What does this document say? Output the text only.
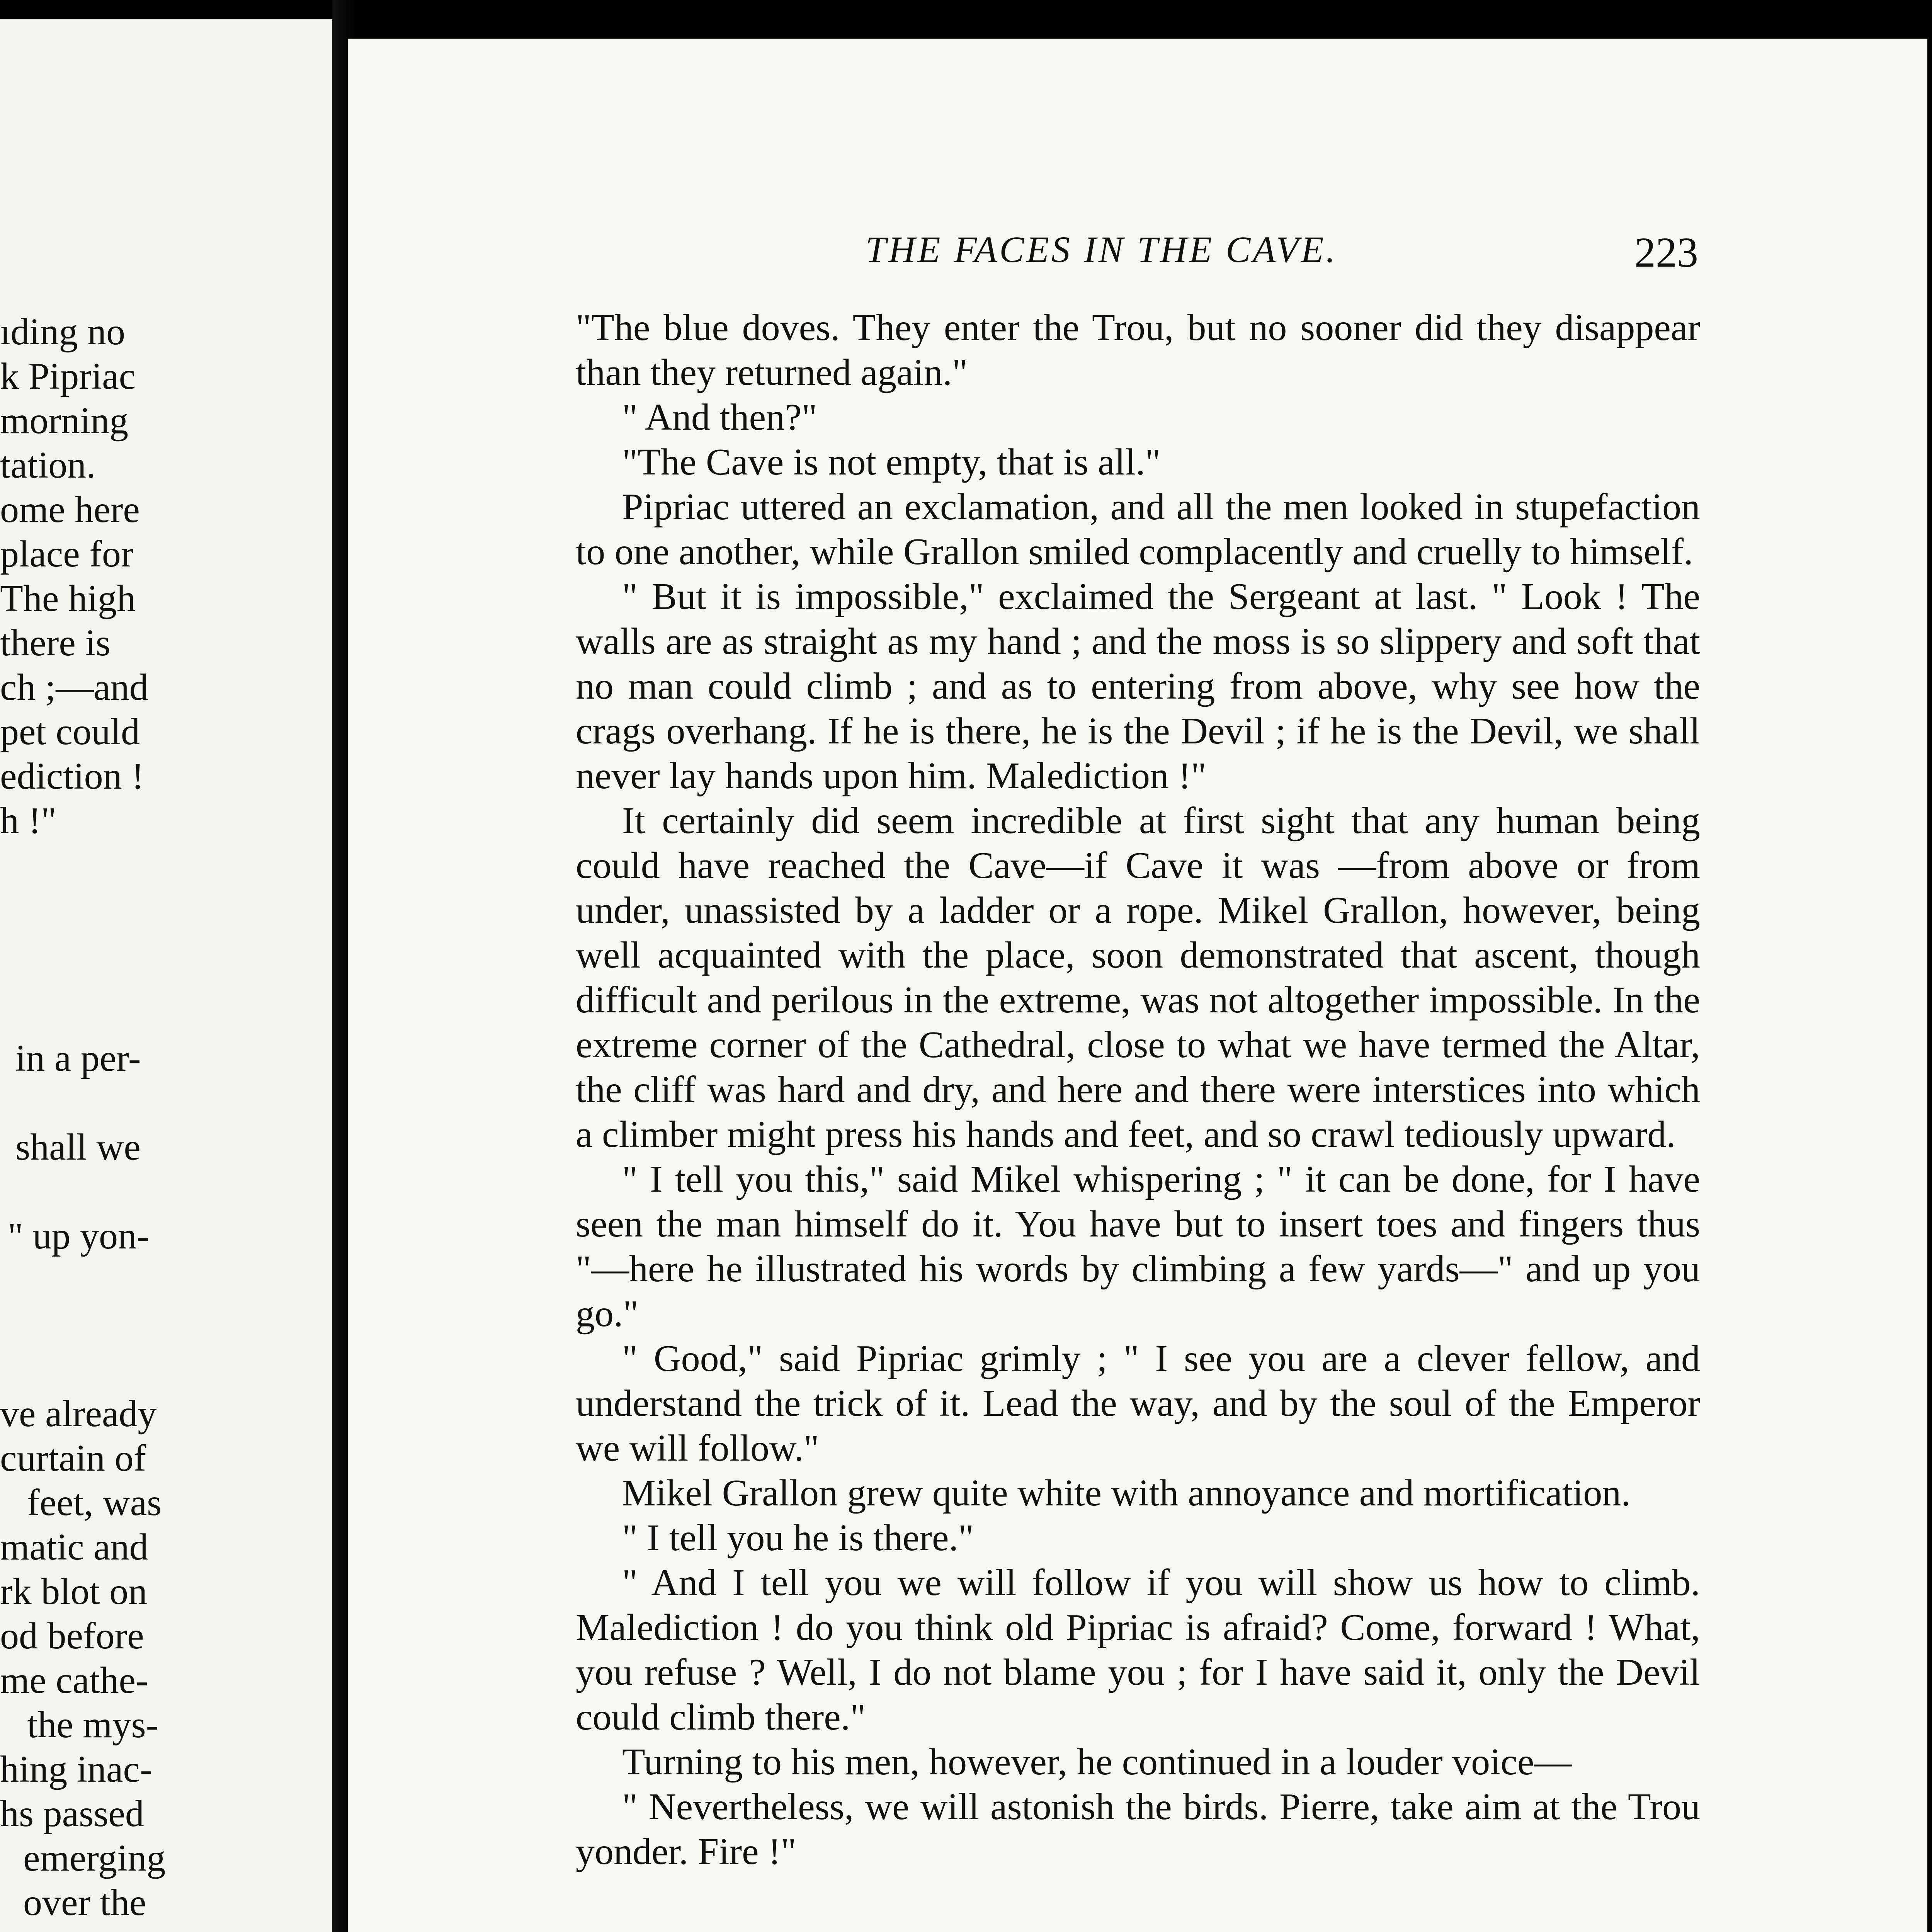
ıding no

k Pipriac

morning

tation.

ome here

place for

The high

there is

ch ;—and

pet could

ediction !

h !"

in a per-

shall we

" up yon-

ve already

curtain of

feet, was

matic and

rk blot on

od before

me cathe-

the mys-

hing inac-

hs passed

emerging

over the

THE FACES IN THE CAVE.	223

"The blue doves. They enter the Trou, but no sooner did they disappear than they returned again."

" And then?"

"The Cave is not empty, that is all."

Pipriac uttered an exclamation, and all the men looked in stupefaction to one another, while Grallon smiled complacently and cruelly to himself.

" But it is impossible," exclaimed the Sergeant at last. " Look ! The walls are as straight as my hand ; and the moss is so slippery and soft that no man could climb ; and as to entering from above, why see how the crags overhang. If he is there, he is the Devil ; if he is the Devil, we shall never lay hands upon him. Malediction !"

It certainly did seem incredible at first sight that any human being could have reached the Cave—if Cave it was —from above or from under, unassisted by a ladder or a rope. Mikel Grallon, however, being well acquainted with the place, soon demonstrated that ascent, though difficult and perilous in the extreme, was not altogether impossible. In the extreme corner of the Cathedral, close to what we have termed the Altar, the cliff was hard and dry, and here and there were interstices into which a climber might press his hands and feet, and so crawl tediously upward.

" I tell you this," said Mikel whispering ; " it can be done, for I have seen the man himself do it. You have but to insert toes and fingers thus "—here he illustrated his words by climbing a few yards—" and up you go."

" Good," said Pipriac grimly ; " I see you are a clever fellow, and understand the trick of it. Lead the way, and by the soul of the Emperor we will follow."

Mikel Grallon grew quite white with annoyance and mortification.

" I tell you he is there."

" And I tell you we will follow if you will show us how to climb. Malediction ! do you think old Pipriac is afraid? Come, forward ! What, you refuse ? Well, I do not blame you ; for I have said it, only the Devil could climb there."

Turning to his men, however, he continued in a louder voice—

" Nevertheless, we will astonish the birds. Pierre, take aim at the Trou yonder. Fire !"
